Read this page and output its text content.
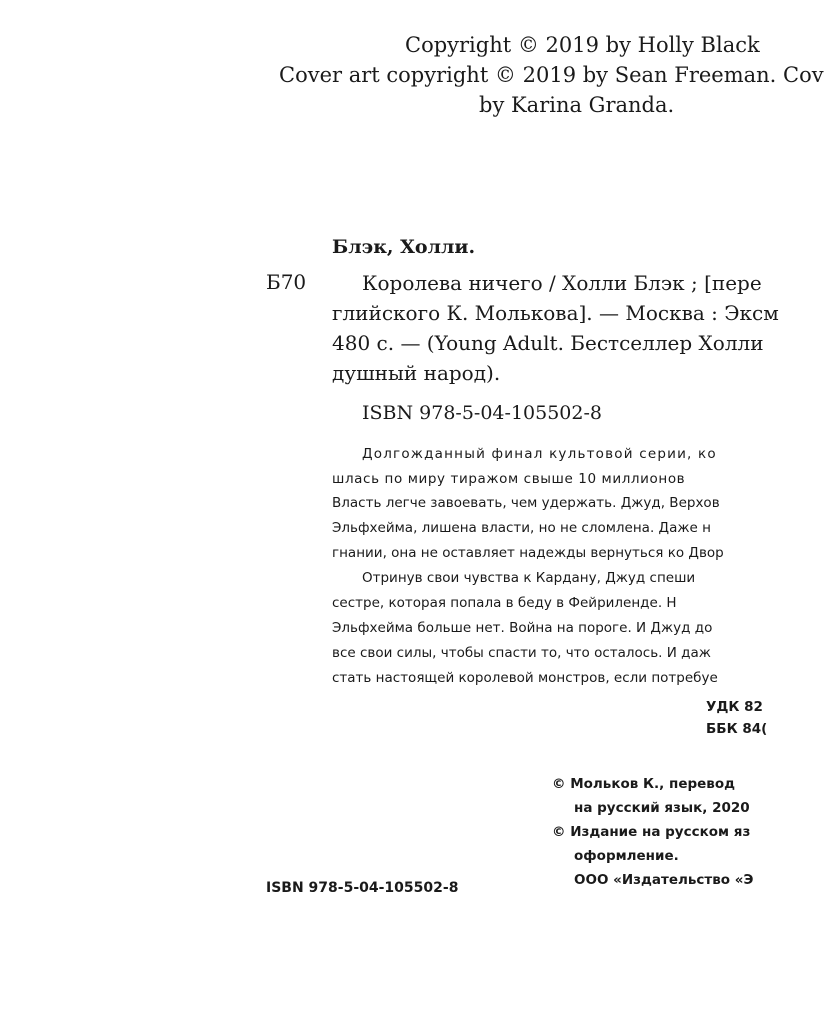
Copyright © 2019 by Holly Black
Cover art copyright © 2019 by Sean Freeman. Cov
by Karina Granda.
Блэк, Холли.
Б70	Королева ничего / Холли Блэк ; [пере
глийского К. Молькова]. — Москва : Эксм
480 с. — (Young Adult. Бестселлер Холли
душный народ).
ISBN 978-5-04-105502-8
Долгожданный финал культовой серии, ко
шлась по миру тиражом свыше 10 миллионов
Власть легче завоевать, чем удержать. Джуд, Верхов
Эльфхейма, лишена власти, но не сломлена. Даже н
гнании, она не оставляет надежды вернуться ко Двор
Отринув свои чувства к Кардану, Джуд спеши
сестре, которая попала в беду в Фейриленде. Н
Эльфхейма больше нет. Война на пороге. И Джуд до
все свои силы, чтобы спасти то, что осталось. И даж
стать настоящей королевой монстров, если потребуе
УДК 82
ББК 84(
© Мольков К., перевод
на русский язык, 2020
© Издание на русском яз
оформление.
ООО «Издательство «Э
ISBN 978-5-04-105502-8
